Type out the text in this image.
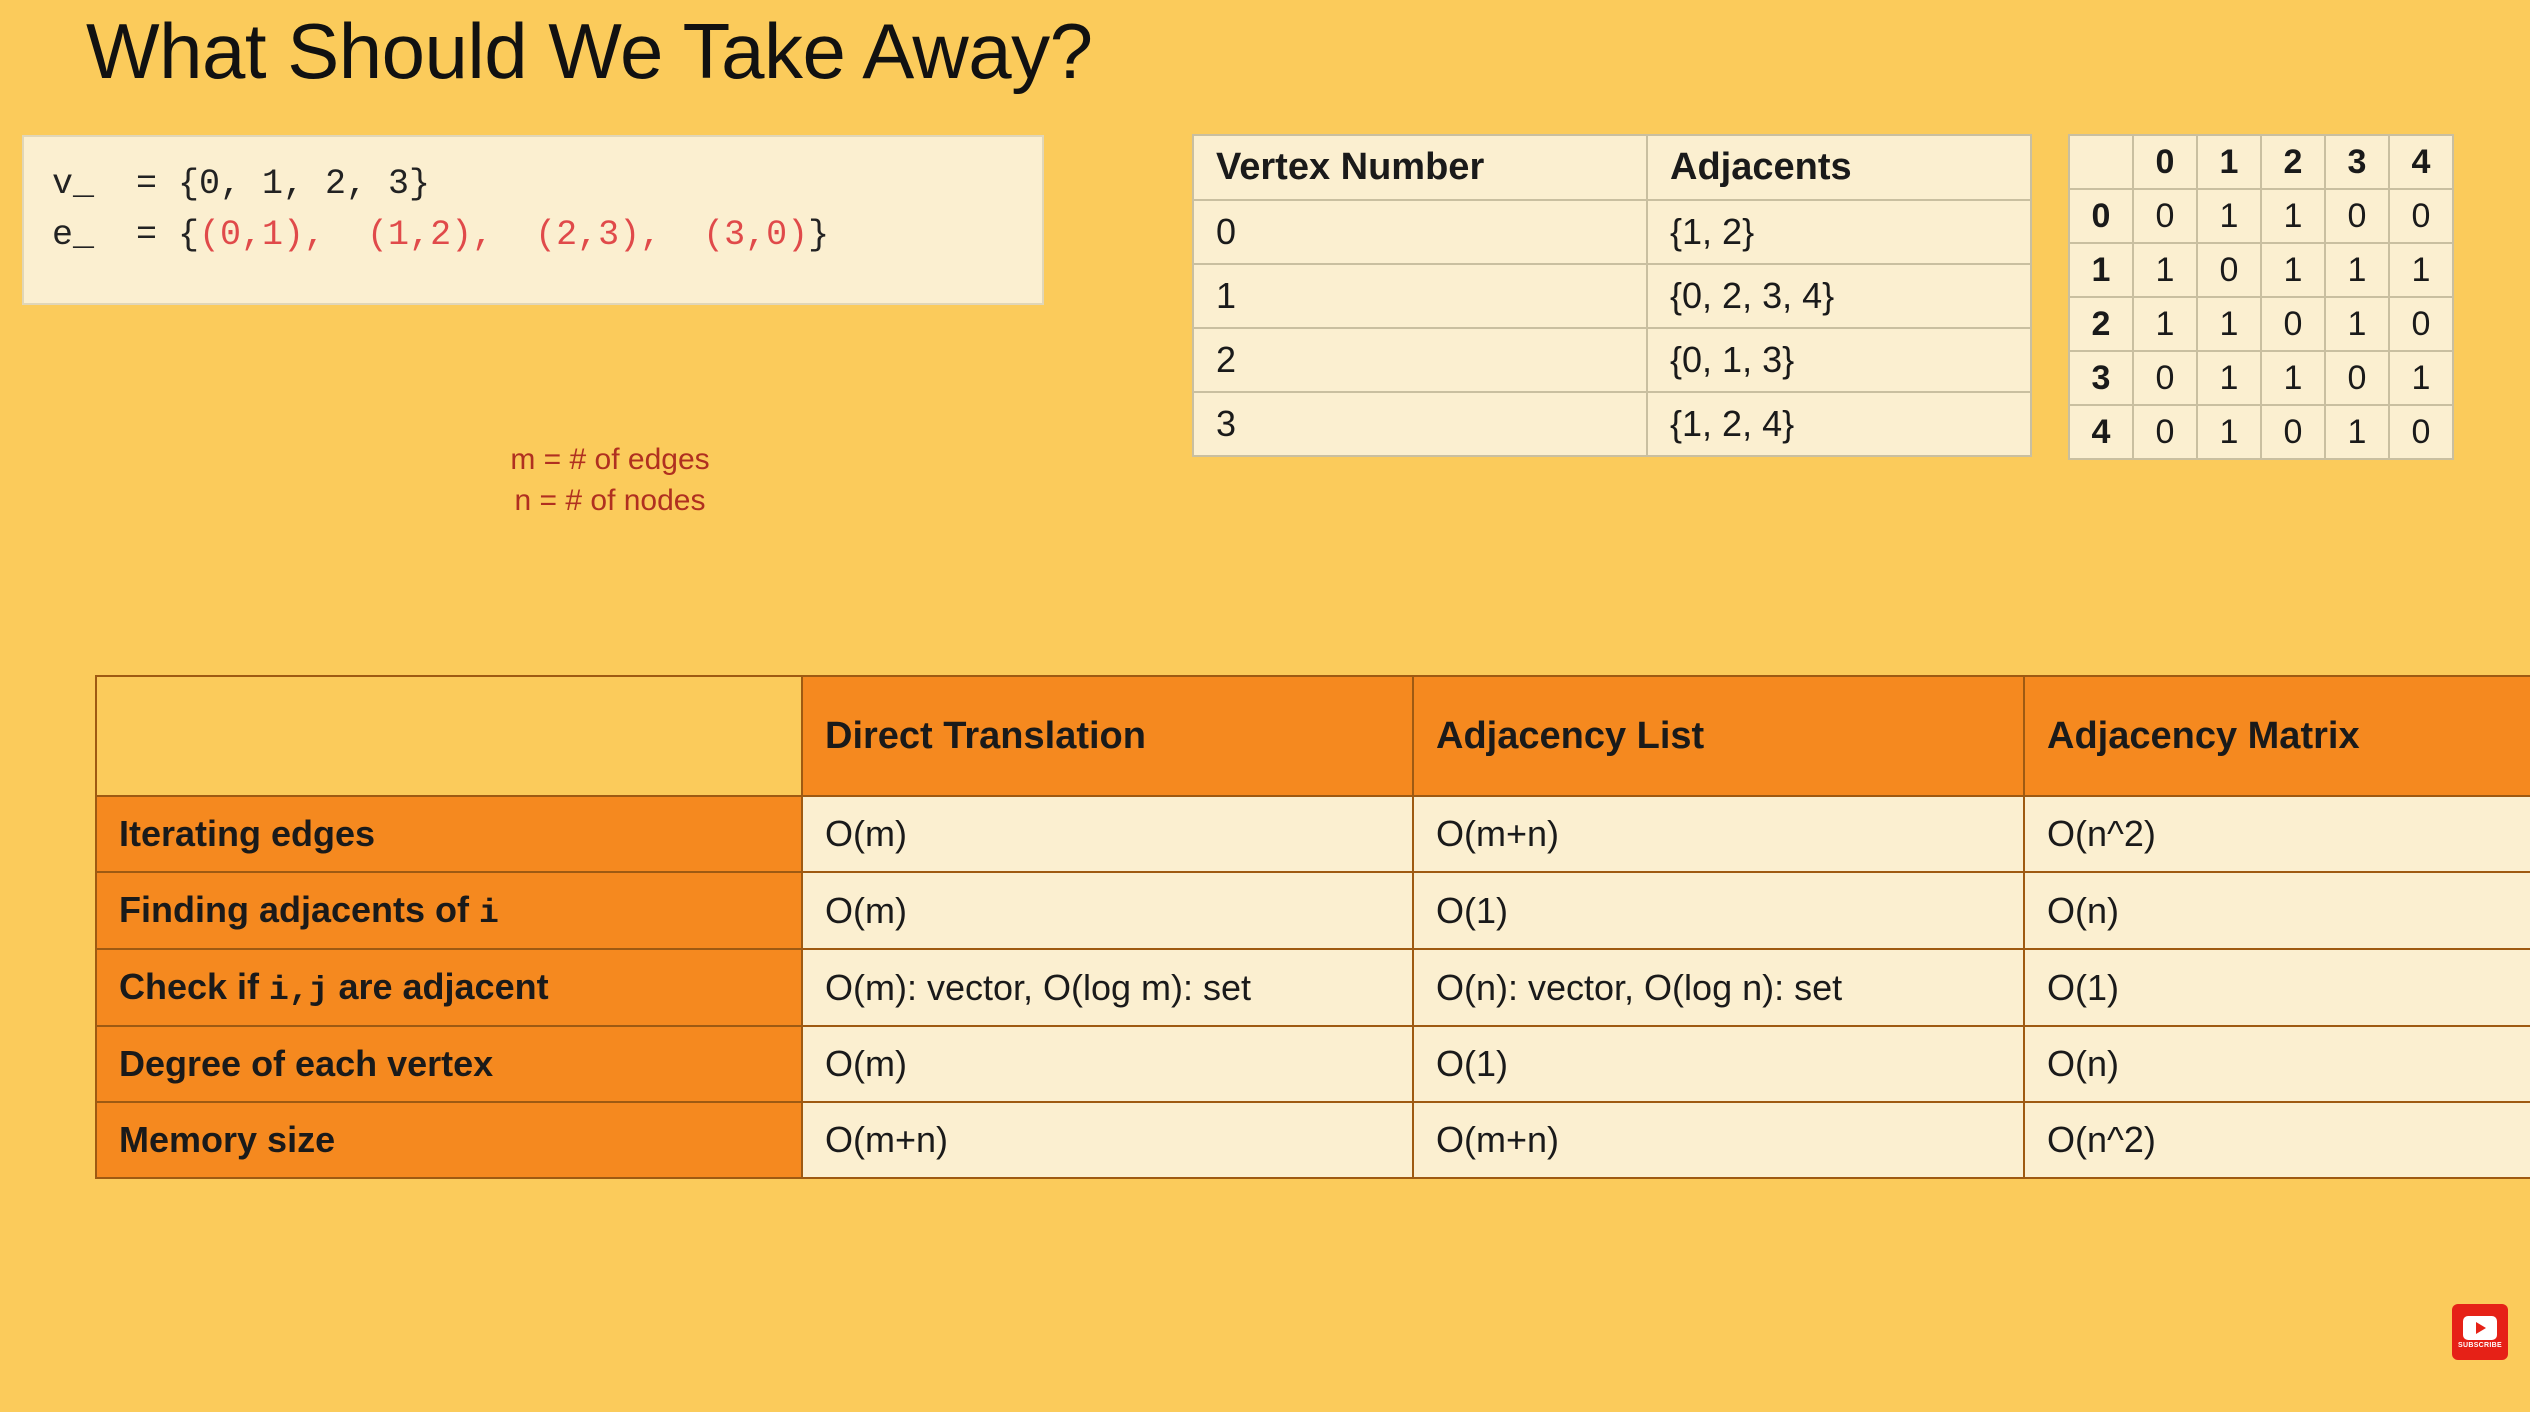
What Should We Take Away?
v_  = {0, 1, 2, 3}
e_  = {(0,1),  (1,2),  (2,3),  (3,0)}
m = # of edges
n = # of nodes
Vertex Number	Adjacents
0	{1, 2}
1	{0, 2, 3, 4}
2	{0, 1, 3}
3	{1, 2, 4}
	0	1	2	3	4
0	0	1	1	0	0
1	1	0	1	1	1
2	1	1	0	1	0
3	0	1	1	0	1
4	0	1	0	1	0
	Direct Translation	Adjacency List	Adjacency Matrix
Iterating edges	O(m)	O(m+n)	O(n^2)
Finding adjacents of i	O(m)	O(1)	O(n)
Check if i,j are adjacent	O(m): vector, O(log m): set	O(n): vector, O(log n): set	O(1)
Degree of each vertex	O(m)	O(1)	O(n)
Memory size	O(m+n)	O(m+n)	O(n^2)
SUBSCRIBE
